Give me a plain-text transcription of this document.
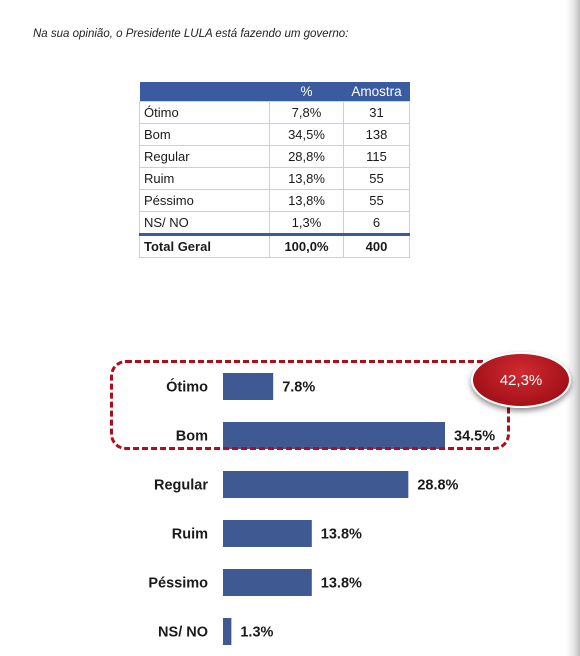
Na sua opinião, o Presidente LULA está fazendo um governo:
	%	Amostra
Ótimo	7,8%	31
Bom	34,5%	138
Regular	28,8%	115
Ruim	13,8%	55
Péssimo	13,8%	55
NS/ NO	1,3%	6
Total Geral	100,0%	400
Ótimo	7.8%
Bom	34.5%
Regular	28.8%
Ruim	13.8%
Péssimo	13.8%
NS/ NO 1.3%
42,3%
